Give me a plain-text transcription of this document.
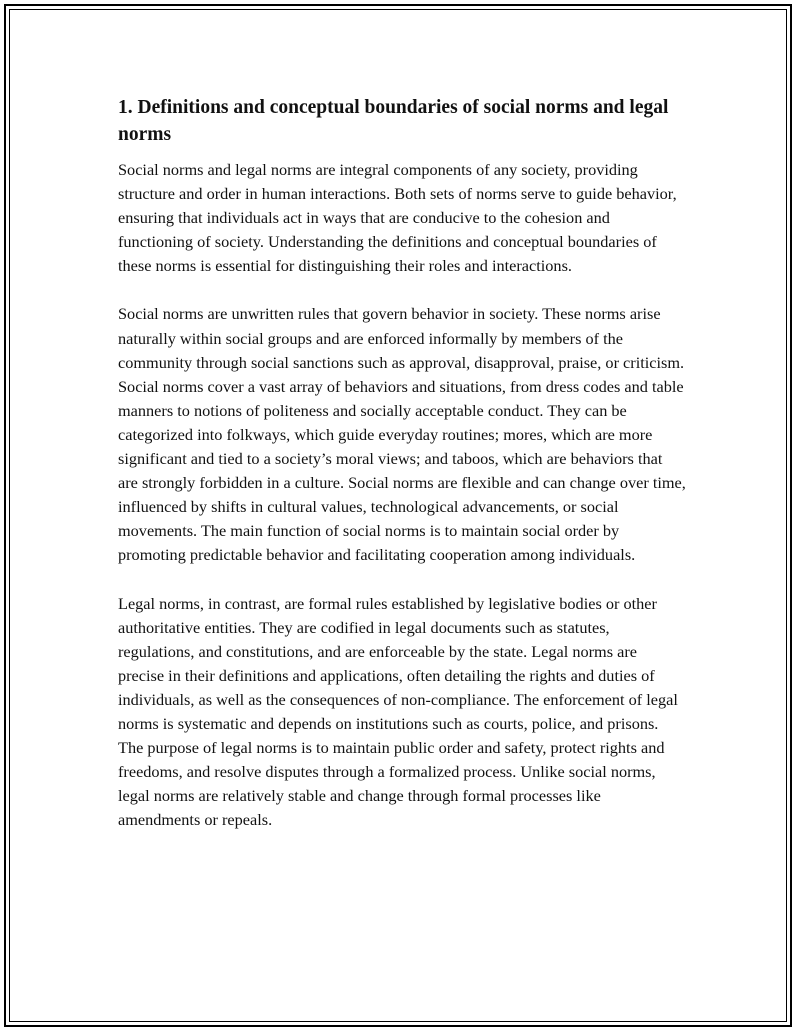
1. Definitions and conceptual boundaries of social norms and legal norms

Social norms and legal norms are integral components of any society, providing structure and order in human interactions. Both sets of norms serve to guide behavior, ensuring that individuals act in ways that are conducive to the cohesion and functioning of society. Understanding the definitions and conceptual boundaries of these norms is essential for distinguishing their roles and interactions.

Social norms are unwritten rules that govern behavior in society. These norms arise naturally within social groups and are enforced informally by members of the community through social sanctions such as approval, disapproval, praise, or criticism. Social norms cover a vast array of behaviors and situations, from dress codes and table manners to notions of politeness and socially acceptable conduct. They can be categorized into folkways, which guide everyday routines; mores, which are more significant and tied to a society’s moral views; and taboos, which are behaviors that are strongly forbidden in a culture. Social norms are flexible and can change over time, influenced by shifts in cultural values, technological advancements, or social movements. The main function of social norms is to maintain social order by promoting predictable behavior and facilitating cooperation among individuals.

Legal norms, in contrast, are formal rules established by legislative bodies or other authoritative entities. They are codified in legal documents such as statutes, regulations, and constitutions, and are enforceable by the state. Legal norms are precise in their definitions and applications, often detailing the rights and duties of individuals, as well as the consequences of non-compliance. The enforcement of legal norms is systematic and depends on institutions such as courts, police, and prisons. The purpose of legal norms is to maintain public order and safety, protect rights and freedoms, and resolve disputes through a formalized process. Unlike social norms, legal norms are relatively stable and change through formal processes like amendments or repeals.
